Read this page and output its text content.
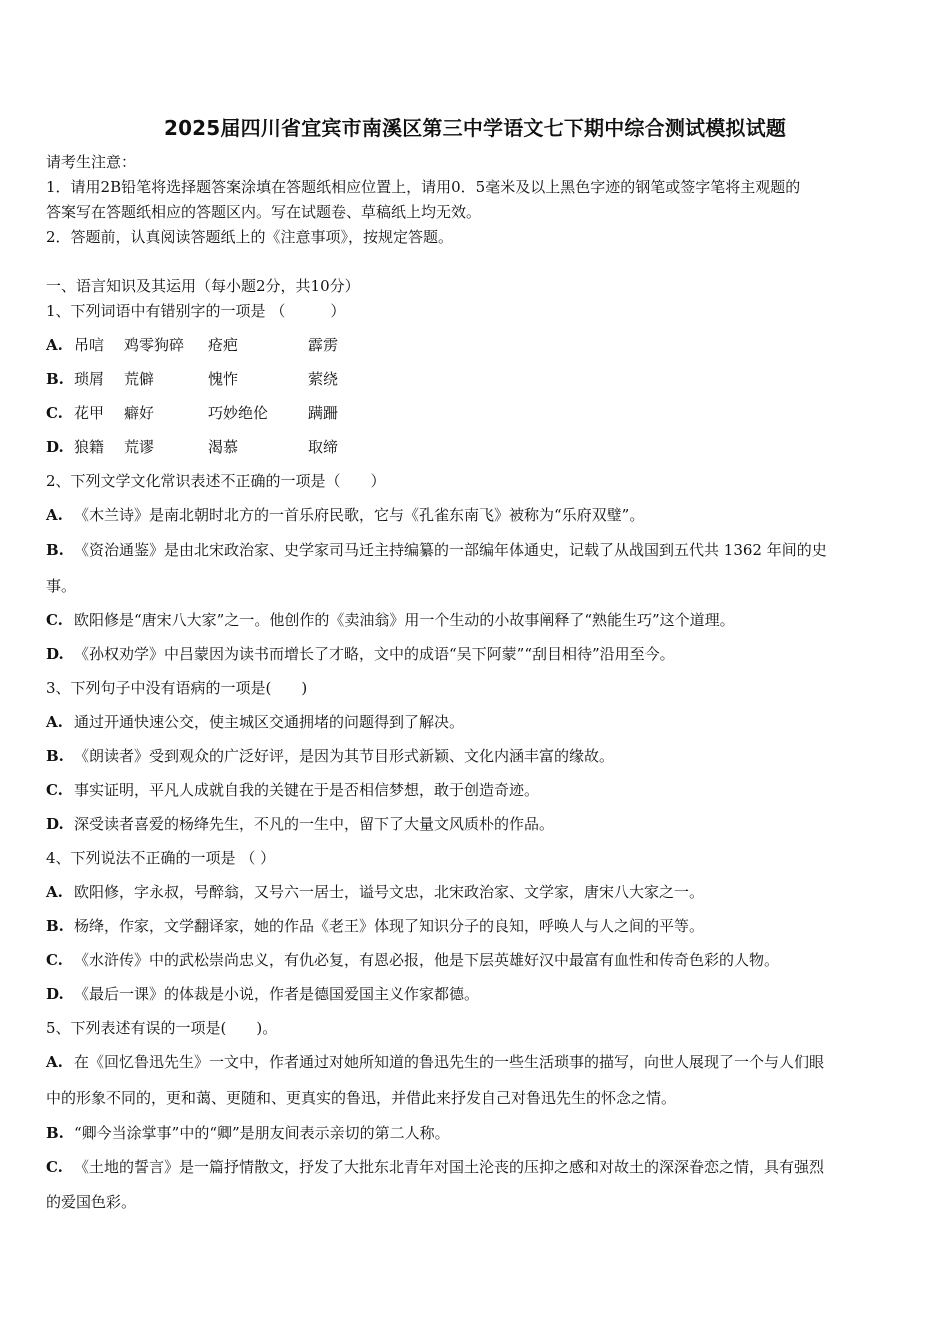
2025届四川省宜宾市南溪区第三中学语文七下期中综合测试模拟试题
请考生注意：
1．请用2B铅笔将选择题答案涂填在答题纸相应位置上，请用0．5毫米及以上黑色字迹的钢笔或签字笔将主观题的
答案写在答题纸相应的答题区内。写在试题卷、草稿纸上均无效。
2．答题前，认真阅读答题纸上的《注意事项》，按规定答题。
一、语言知识及其运用（每小题2分，共10分）
1、下列词语中有错别字的一项是 （　　　）
A. 吊唁 鸡零狗碎 疮疤	霹雳
B. 琐屑 荒僻	愧怍	萦绕
C. 花甲 癖好	巧妙绝伦	蹒跚
D. 狼籍 荒谬	渴慕	取缔
2、下列文学文化常识表述不正确的一项是（　　）
A. 《木兰诗》是南北朝时北方的一首乐府民歌，它与《孔雀东南飞》被称为“乐府双璧”。
B. 《资治通鉴》是由北宋政治家、史学家司马迁主持编纂的一部编年体通史，记载了从战国到五代共 1362 年间的史
事。
C. 欧阳修是“唐宋八大家”之一。他创作的《卖油翁》用一个生动的小故事阐释了“熟能生巧”这个道理。
D. 《孙权劝学》中吕蒙因为读书而增长了才略，文中的成语“吴下阿蒙”“刮目相待”沿用至今。
3、下列句子中没有语病的一项是(　　)
A. 通过开通快速公交，使主城区交通拥堵的问题得到了解决。
B. 《朗读者》受到观众的广泛好评，是因为其节目形式新颖、文化内涵丰富的缘故。
C. 事实证明，平凡人成就自我的关键在于是否相信梦想，敢于创造奇迹。
D. 深受读者喜爱的杨绛先生，不凡的一生中，留下了大量文风质朴的作品。
4、下列说法不正确的一项是 （ ）
A. 欧阳修，字永叔，号醉翁，又号六一居士，谥号文忠，北宋政治家、文学家，唐宋八大家之一。
B. 杨绛，作家，文学翻译家，她的作品《老王》体现了知识分子的良知，呼唤人与人之间的平等。
C. 《水浒传》中的武松崇尚忠义，有仇必复，有恩必报，他是下层英雄好汉中最富有血性和传奇色彩的人物。
D. 《最后一课》的体裁是小说，作者是德国爱国主义作家都德。
5、下列表述有误的一项是(　　)。
A. 在《回忆鲁迅先生》一文中，作者通过对她所知道的鲁迅先生的一些生活琐事的描写，向世人展现了一个与人们眼
中的形象不同的，更和蔼、更随和、更真实的鲁迅，并借此来抒发自己对鲁迅先生的怀念之情。
B. “卿今当涂掌事”中的“卿”是朋友间表示亲切的第二人称。
C. 《土地的誓言》是一篇抒情散文，抒发了大批东北青年对国土沦丧的压抑之感和对故土的深深眷恋之情，具有强烈
的爱国色彩。
